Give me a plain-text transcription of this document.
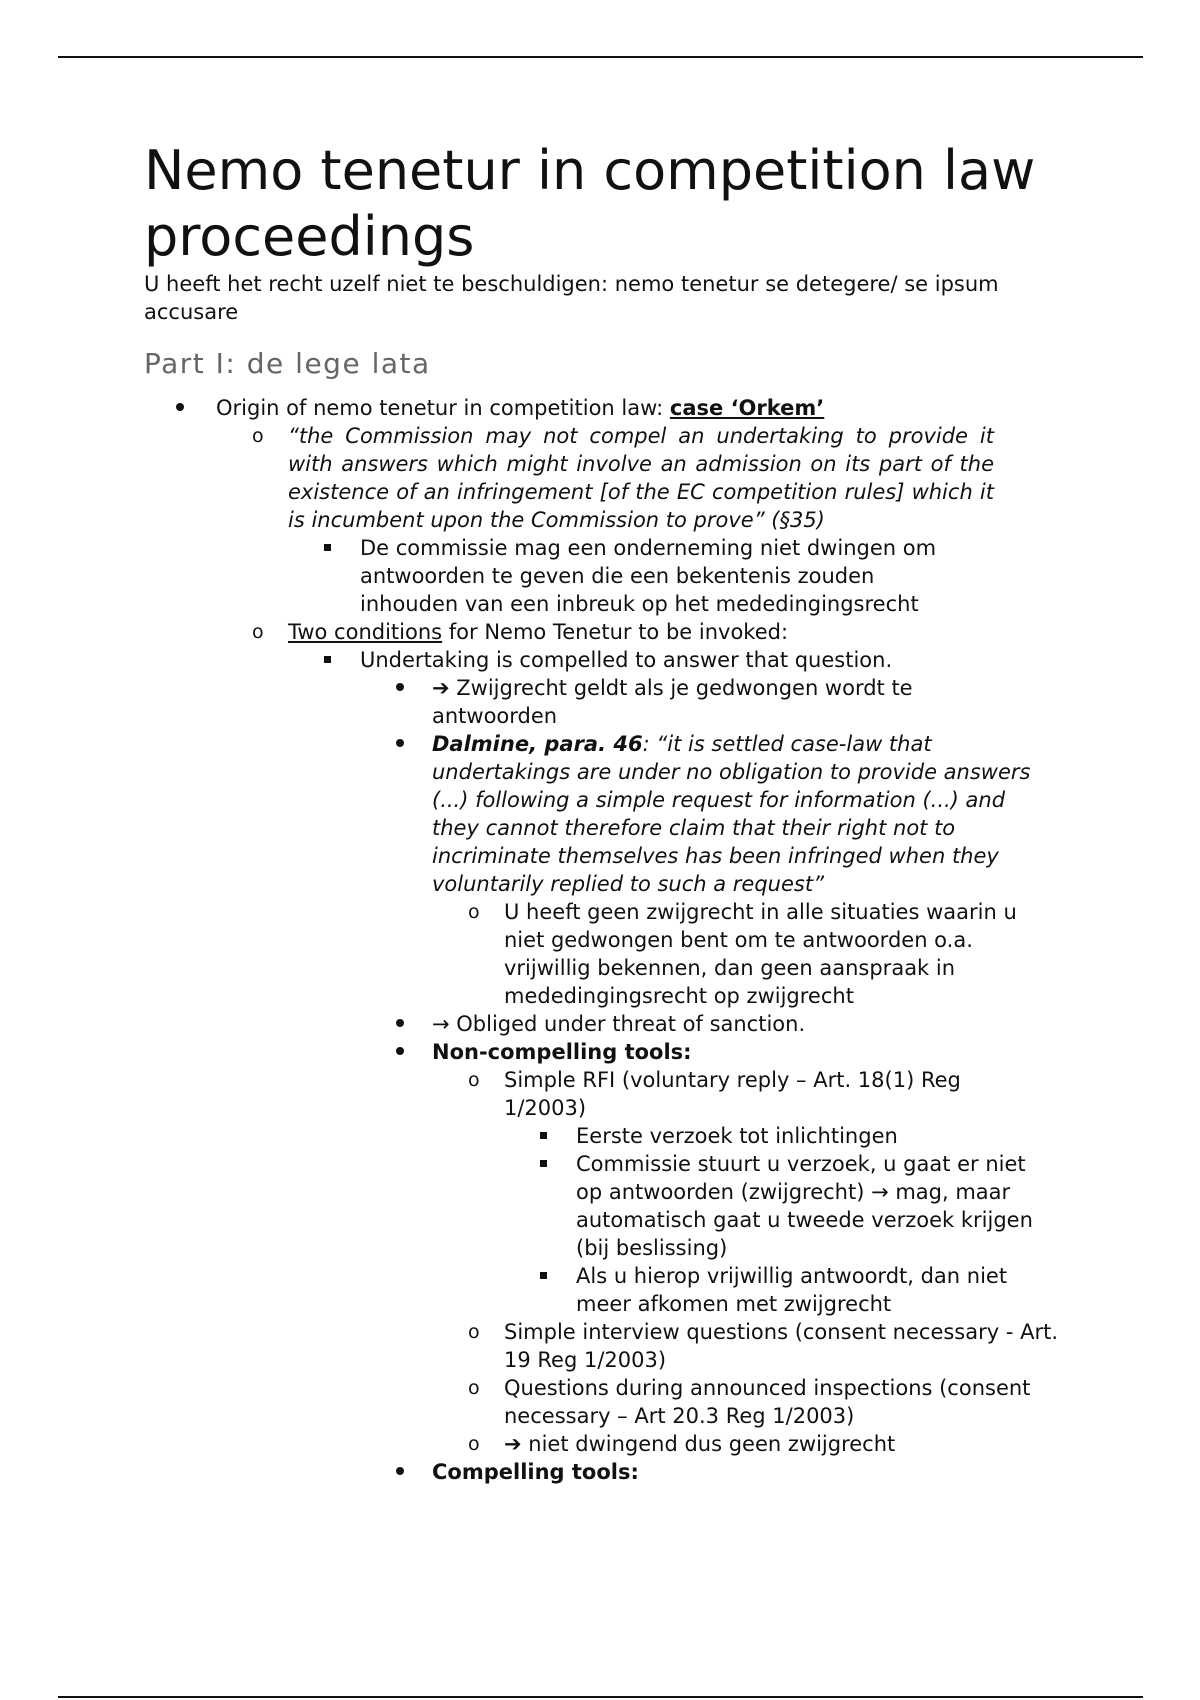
Nemo tenetur in competition law proceedings

U heeft het recht uzelf niet te beschuldigen: nemo tenetur se detegere/ se ipsum accusare

Part I: de lege lata
Origin of nemo tenetur in competition law: case ‘Orkem’
o	“the Commission may not compel an undertaking to provide it with answers which might involve an admission on its part of the existence of an infringement [of the EC competition rules] which it is incumbent upon the Commission to prove” (§35)
De commissie mag een onderneming niet dwingen om antwoorden te geven die een bekentenis zouden inhouden van een inbreuk op het mededingingsrecht
o	Two conditions for Nemo Tenetur to be invoked:
Undertaking is compelled to answer that question.
➔ Zwijgrecht geldt als je gedwongen wordt te antwoorden
Dalmine, para. 46: “it is settled case-law that undertakings are under no obligation to provide answers (...) following a simple request for information (...) and they cannot therefore claim that their right not to incriminate themselves has been infringed when they voluntarily replied to such a request”
o	U heeft geen zwijgrecht in alle situaties waarin u niet gedwongen bent om te antwoorden o.a. vrijwillig bekennen, dan geen aanspraak in mededingingsrecht op zwijgrecht
→ Obliged under threat of sanction.
Non-compelling tools:
o	Simple RFI (voluntary reply – Art. 18(1) Reg 1/2003)
Eerste verzoek tot inlichtingen
Commissie stuurt u verzoek, u gaat er niet op antwoorden (zwijgrecht) → mag, maar automatisch gaat u tweede verzoek krijgen (bij beslissing)
Als u hierop vrijwillig antwoordt, dan niet meer afkomen met zwijgrecht
o	Simple interview questions (consent necessary - Art. 19 Reg 1/2003)
o	Questions during announced inspections (consent necessary – Art 20.3 Reg 1/2003)
o	➔ niet dwingend dus geen zwijgrecht
Compelling tools:
